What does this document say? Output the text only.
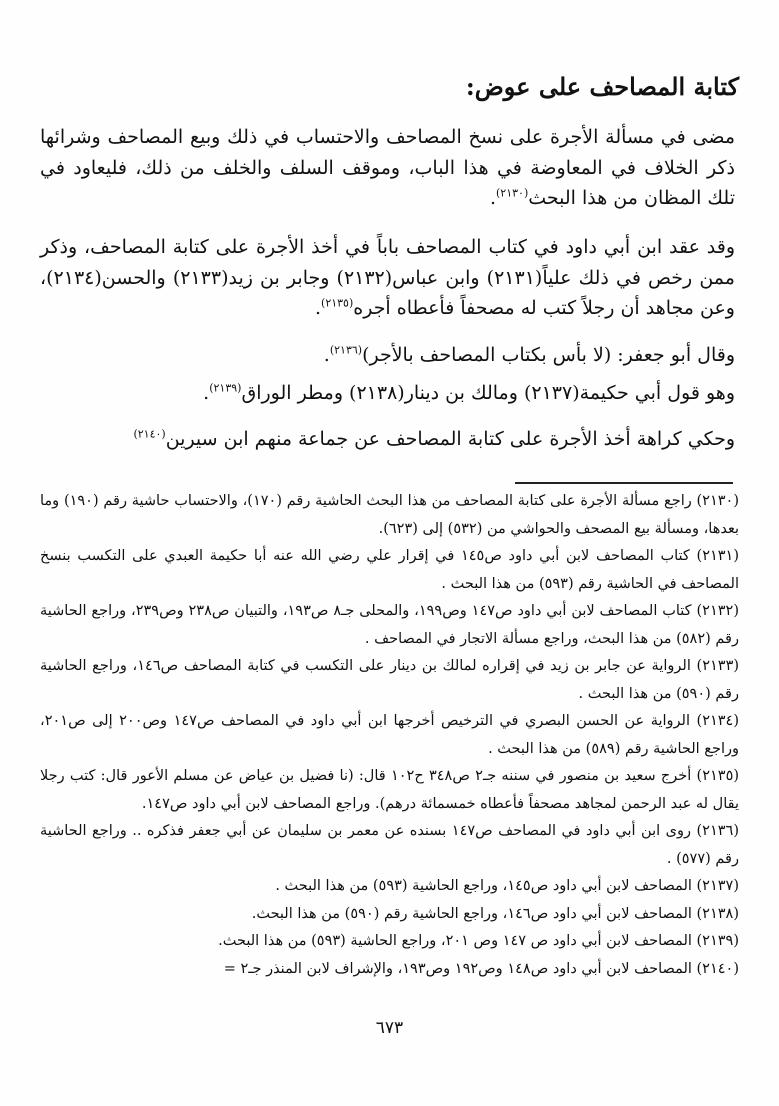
كتابة المصاحف على عوض:

مضى في مسألة الأجرة على نسخ المصاحف والاحتساب في ذلك وبيع المصاحف وشرائها ذكر الخلاف في المعاوضة في هذا الباب، وموقف السلف والخلف من ذلك، فليعاود في تلك المظان من هذا البحث$^{(٢١٣٠)}$.

وقد عقد ابن أبي داود في كتاب المصاحف باباً في أخذ الأجرة على كتابة المصاحف، وذكر ممن رخص في ذلك علياً(٢١٣١) وابن عباس(٢١٣٢) وجابر بن زيد(٢١٣٣) والحسن(٢١٣٤)، وعن مجاهد أن رجلاً كتب له مصحفاً فأعطاه أجره$^{(٢١٣٥)}$.

وقال أبو جعفر: (لا بأس بكتاب المصاحف بالأجر)$^{(٢١٣٦)}$.

وهو قول أبي حكيمة(٢١٣٧) ومالك بن دينار(٢١٣٨) ومطر الوراق$^{(٢١٣٩)}$.

وحكي كراهة أخذ الأجرة على كتابة المصاحف عن جماعة منهم ابن سيرين$^{(٢١٤٠)}$

(٢١٣٠) راجع مسألة الأجرة على كتابة المصاحف من هذا البحث الحاشية رقم (١٧٠)، والاحتساب حاشية رقم (١٩٠) وما بعدها، ومسألة بيع المصحف والحواشي من (٥٣٢) إلى (٦٢٣).
(٢١٣١) كتاب المصاحف لابن أبي داود ص١٤٥ في إقرار علي رضي الله عنه أبا حكيمة العبدي على التكسب بنسخ المصاحف في الحاشية رقم (٥٩٣) من هذا البحث .
(٢١٣٢) كتاب المصاحف لابن أبي داود ص١٤٧ وص١٩٩، والمحلى جـ٨ ص١٩٣، والتبيان ص٢٣٨ وص٢٣٩، وراجع الحاشية رقم (٥٨٢) من هذا البحث، وراجع مسألة الاتجار في المصاحف .
(٢١٣٣) الرواية عن جابر بن زيد في إقراره لمالك بن دينار على التكسب في كتابة المصاحف ص١٤٦، وراجع الحاشية رقم (٥٩٠) من هذا البحث .
(٢١٣٤) الرواية عن الحسن البصري في الترخيص أخرجها ابن أبي داود في المصاحف ص١٤٧ وص٢٠٠ إلى ص٢٠١، وراجع الحاشية رقم (٥٨٩) من هذا البحث .
(٢١٣٥) أخرج سعيد بن منصور في سننه جـ٢ ص٣٤٨ ح١٠٢ قال: (نا فضيل بن عياض عن مسلم الأعور قال: كتب رجلا يقال له عبد الرحمن لمجاهد مصحفاً فأعطاه خمسمائة درهم). وراجع المصاحف لابن أبي داود ص١٤٧.
(٢١٣٦) روى ابن أبي داود في المصاحف ص١٤٧ بسنده عن معمر بن سليمان عن أبي جعفر فذكره .. وراجع الحاشية رقم (٥٧٧) .
(٢١٣٧) المصاحف لابن أبي داود ص١٤٥، وراجع الحاشية (٥٩٣) من هذا البحث .
(٢١٣٨) المصاحف لابن أبي داود ص١٤٦، وراجع الحاشية رقم (٥٩٠) من هذا البحث.
(٢١٣٩) المصاحف لابن أبي داود ص ١٤٧ وص ٢٠١، وراجع الحاشية (٥٩٣) من هذا البحث.
(٢١٤٠) المصاحف لابن أبي داود ص١٤٨ وص١٩٢ وص١٩٣، والإشراف لابن المنذر جـ٢ =
٦٧٣
